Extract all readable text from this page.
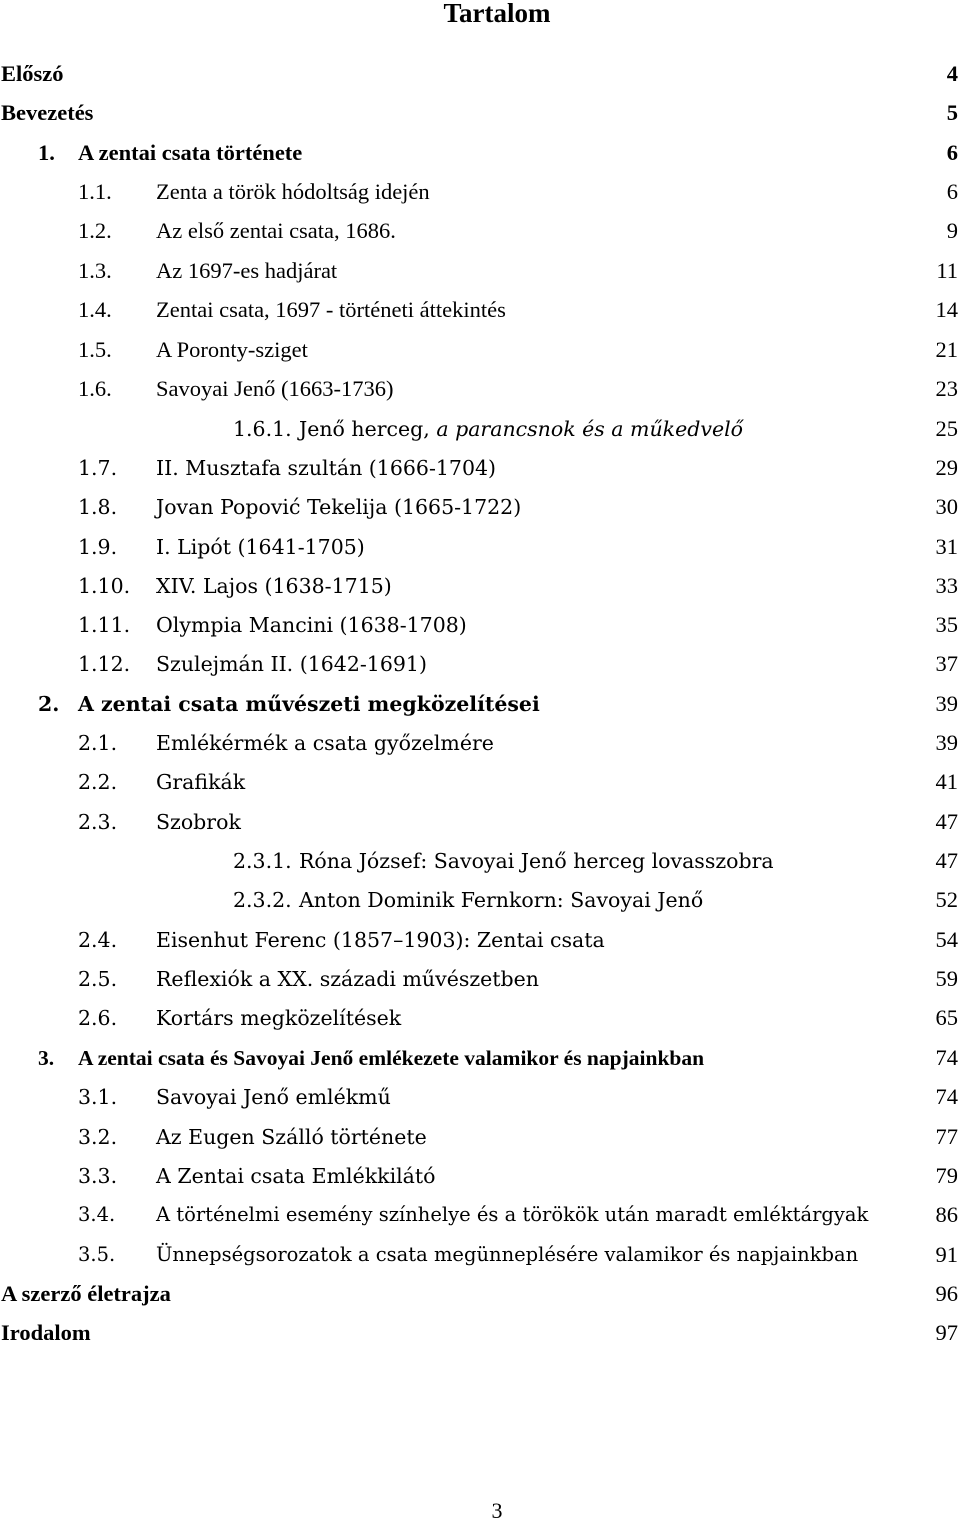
Tartalom
Előszó	4
Bevezetés	5
1. A zentai csata története	6
1.1. Zenta a török hódoltság idején	6
1.2. Az első zentai csata, 1686.	9
1.3. Az 1697-es hadjárat	11
1.4. Zentai csata, 1697 - történeti áttekintés	14
1.5. A Poronty-sziget	21
1.6. Savoyai Jenő (1663-1736)	23
1.6.1. Jenő herceg, a parancsnok és a műkedvelő	25
1.7. II. Musztafa szultán (1666-1704)	29
1.8. Jovan Popović Tekelija (1665-1722)	30
1.9. I. Lipót (1641-1705)	31
1.10. XIV. Lajos (1638-1715)	33
1.11. Olympia Mancini (1638-1708)	35
1.12. Szulejmán II. (1642-1691)	37
2. A zentai csata művészeti megközelítései	39
2.1. Emlékérmék a csata győzelmére	39
2.2. Grafikák	41
2.3. Szobrok	47
2.3.1. Róna József: Savoyai Jenő herceg lovasszobra	47
2.3.2. Anton Dominik Fernkorn: Savoyai Jenő	52
2.4. Eisenhut Ferenc (1857–1903): Zentai csata	54
2.5. Reflexiók a XX. századi művészetben	59
2.6. Kortárs megközelítések	65
3. A zentai csata és Savoyai Jenő emlékezete valamikor és napjainkban	74
3.1. Savoyai Jenő emlékmű	74
3.2. Az Eugen Szálló története	77
3.3. A Zentai csata Emlékkilátó	79
3.4. A történelmi esemény színhelye és a törökök után maradt emléktárgyak	86
3.5. Ünnepségsorozatok a csata megünneplésére valamikor és napjainkban	91
A szerző életrajza	96
Irodalom	97
3
